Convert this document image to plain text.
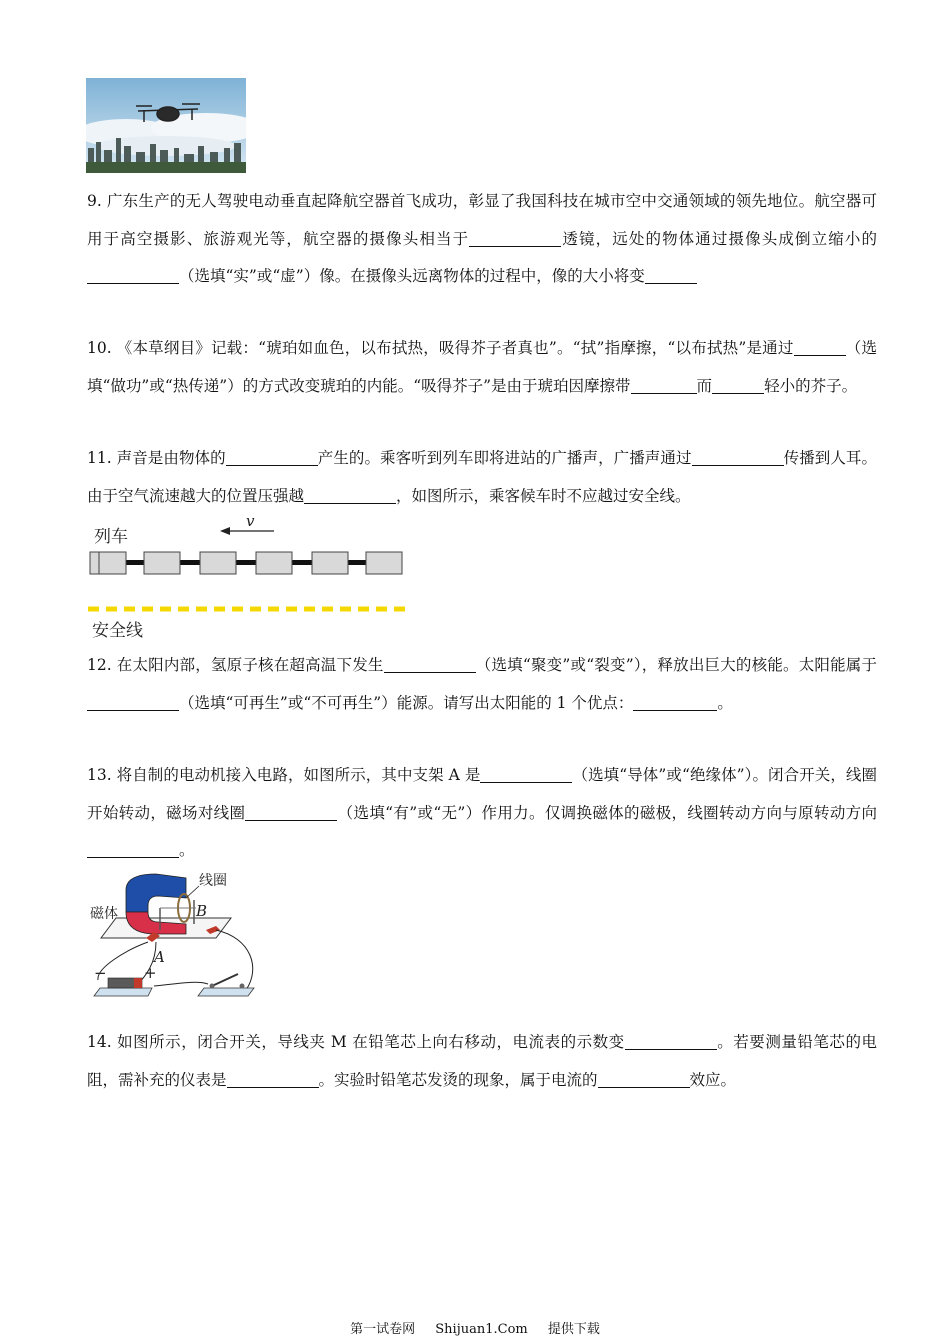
9. 广东生产的无人驾驶电动垂直起降航空器首飞成功，彰显了我国科技在城市空中交通领域的领先地位。航空器可用于高空摄影、旅游观光等，航空器的摄像头相当于	透镜，远处的物体通过摄像头成倒立缩小的（选填“实”或“虚”）像。在摄像头远离物体的过程中，像的大小将变
10. 《本草纲目》记载：“琥珀如血色，以布拭热，吸得芥子者真也”。“拭”指摩擦，“以布拭热”是通过	（选填“做功”或“热传递”）的方式改变琥珀的内能。“吸得芥子”是由于琥珀因摩擦带	而	轻小的芥子。
11. 声音是由物体的	产生的。乘客听到列车即将进站的广播声，广播声通过	传播到人耳。由于空气流速越大的位置压强越	，如图所示，乘客候车时不应越过安全线。
列车
v
安全线
12. 在太阳内部，氢原子核在超高温下发生	（选填“聚变”或“裂变”），释放出巨大的核能。太阳能属于（选填“可再生”或“不可再生”）能源。请写出太阳能的 1 个优点：	。
13. 将自制的电动机接入电路，如图所示，其中支架 A 是	（选填“导体”或“绝缘体”）。闭合开关，线圈开始转动，磁场对线圈	（选填“有”或“无”）作用力。仅调换磁体的磁极，线圈转动方向与原转动方向。
线圈
磁体	B
A
− +
14. 如图所示，闭合开关，导线夹 M 在铅笔芯上向右移动，电流表的示数变	。若要测量铅笔芯的电阻，需补充的仪表是	。实验时铅笔芯发烫的现象，属于电流的	效应。
第一试卷网 Shijuan1.Com 提供下载
